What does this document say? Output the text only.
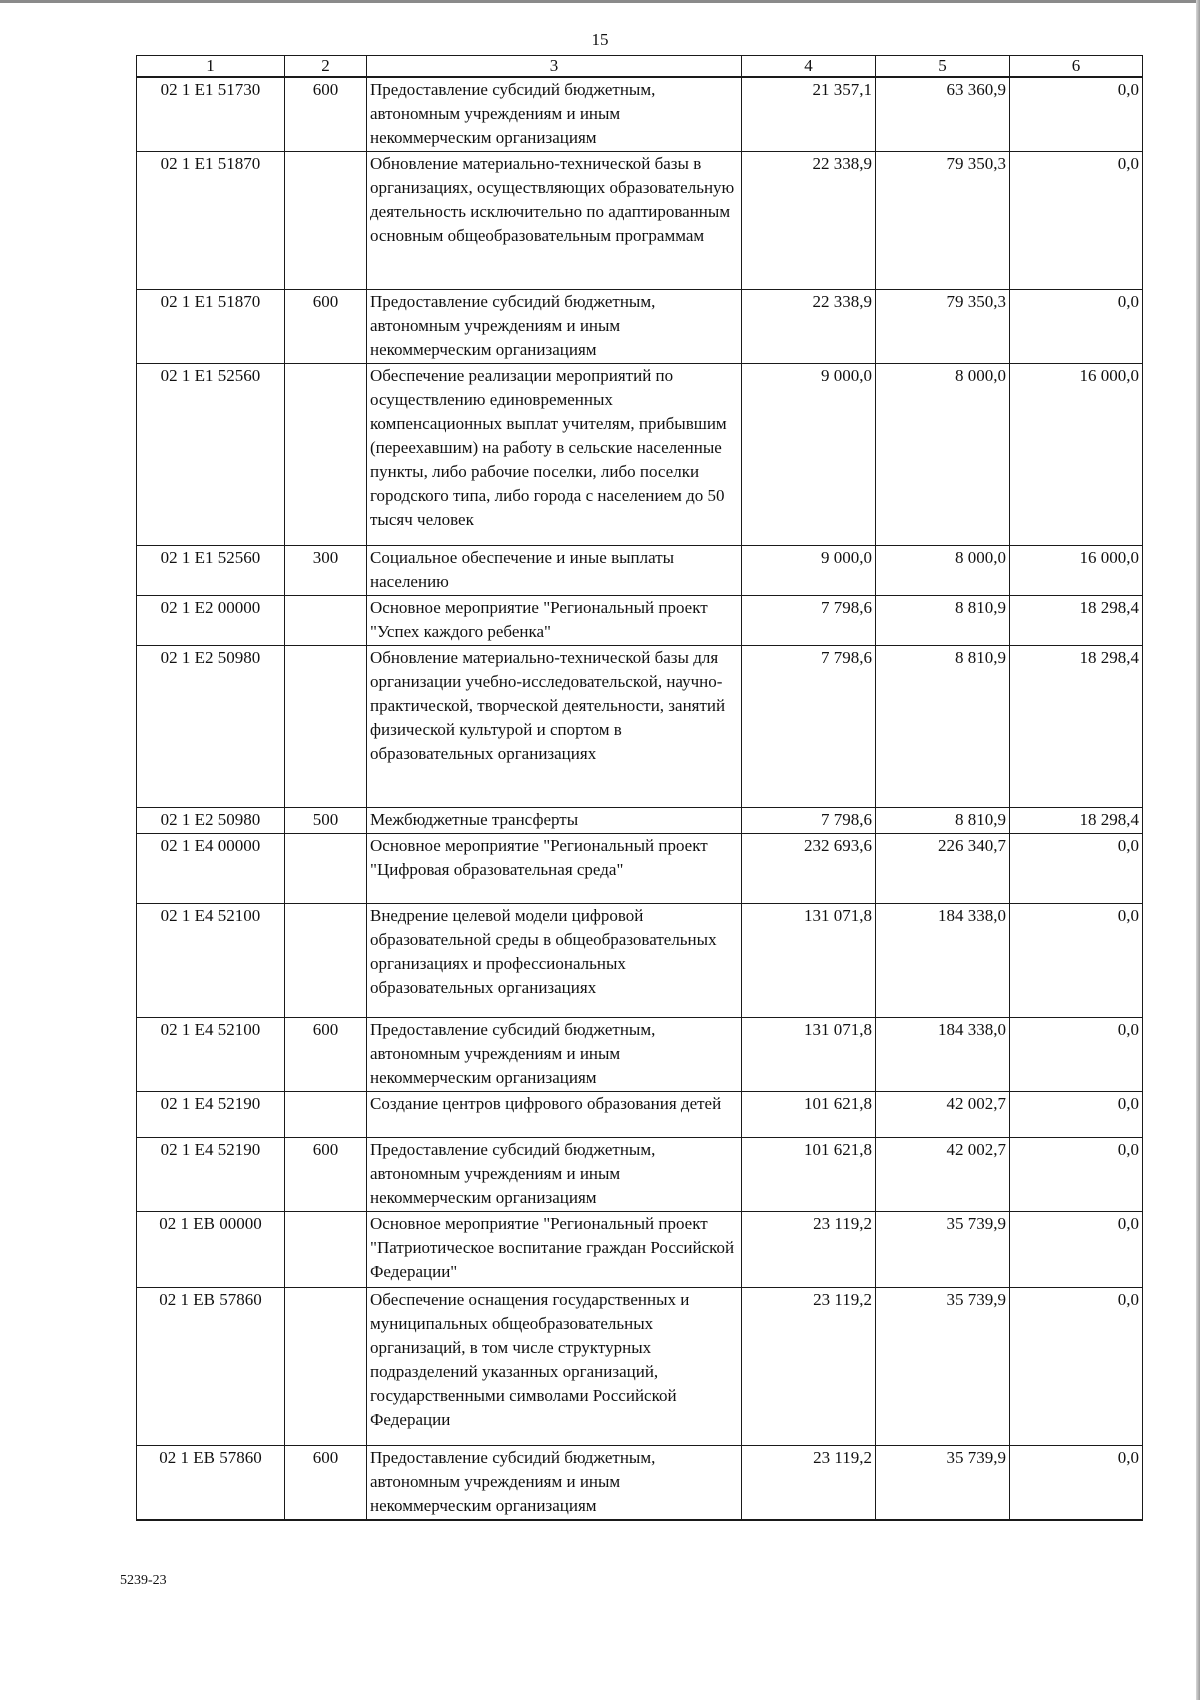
15
1	2	3	4	5	6
02 1 E1 51730	600	Предоставление субсидий бюджетным, автономным учреждениям и иным некоммерческим организациям	21 357,1	63 360,9	0,0
02 1 E1 51870		Обновление материально-технической базы в организациях, осуществляющих образовательную деятельность исключительно по адаптированным основным общеобразовательным программам	22 338,9	79 350,3	0,0
02 1 E1 51870	600	Предоставление субсидий бюджетным, автономным учреждениям и иным некоммерческим организациям	22 338,9	79 350,3	0,0
02 1 E1 52560		Обеспечение реализации мероприятий по осуществлению единовременных компенсационных выплат учителям, прибывшим (переехавшим) на работу в сельские населенные пункты, либо рабочие поселки, либо поселки городского типа, либо города с населением до 50 тысяч человек	9 000,0	8 000,0	16 000,0
02 1 E1 52560	300	Социальное обеспечение и иные выплаты населению	9 000,0	8 000,0	16 000,0
02 1 E2 00000		Основное мероприятие "Региональный проект "Успех каждого ребенка"	7 798,6	8 810,9	18 298,4
02 1 E2 50980		Обновление материально-технической базы для организации учебно-исследовательской, научно-практической, творческой деятельности, занятий физической культурой и спортом в образовательных организациях	7 798,6	8 810,9	18 298,4
02 1 E2 50980	500	Межбюджетные трансферты	7 798,6	8 810,9	18 298,4
02 1 E4 00000		Основное мероприятие "Региональный проект "Цифровая образовательная среда"	232 693,6	226 340,7	0,0
02 1 E4 52100		Внедрение целевой модели цифровой образовательной среды в общеобразовательных организациях и профессиональных образовательных организациях	131 071,8	184 338,0	0,0
02 1 E4 52100	600	Предоставление субсидий бюджетным, автономным учреждениям и иным некоммерческим организациям	131 071,8	184 338,0	0,0
02 1 E4 52190		Создание центров цифрового образования детей	101 621,8	42 002,7	0,0
02 1 E4 52190	600	Предоставление субсидий бюджетным, автономным учреждениям и иным некоммерческим организациям	101 621,8	42 002,7	0,0
02 1 EB 00000		Основное мероприятие "Региональный проект "Патриотическое воспитание граждан Российской Федерации"	23 119,2	35 739,9	0,0
02 1 EB 57860		Обеспечение оснащения государственных и муниципальных общеобразовательных организаций, в том числе структурных подразделений указанных организаций, государственными символами Российской Федерации	23 119,2	35 739,9	0,0
02 1 EB 57860	600	Предоставление субсидий бюджетным, автономным учреждениям и иным некоммерческим организациям	23 119,2	35 739,9	0,0
5239-23
